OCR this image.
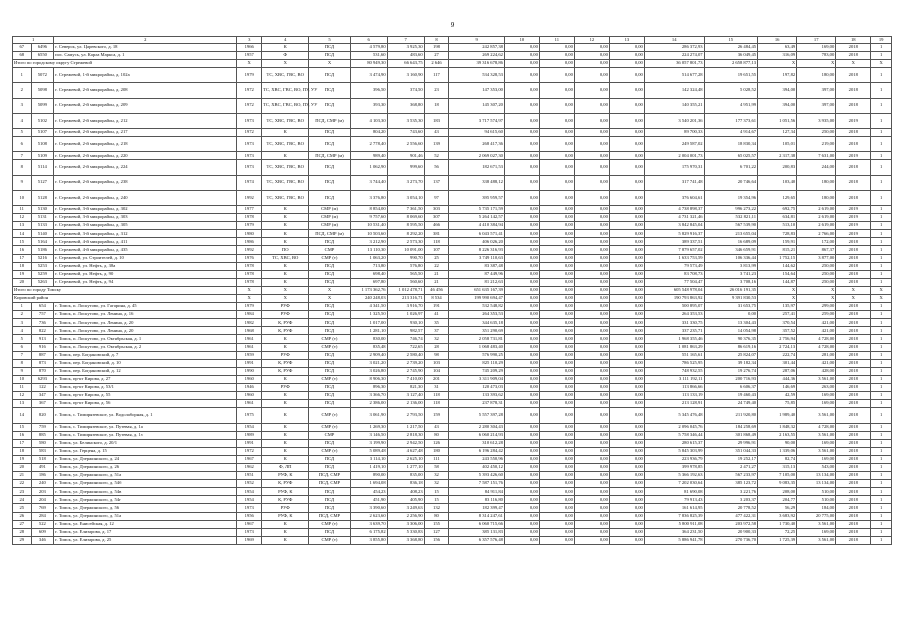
9
1		2	3	4	5	6	7	8	9	10	11	12	13	14	15	16	17	18	19
67	6496	г. Северск, ул. Царевского, д. 18	1966	К	ПСД	4 579,80	3 925,30	198	242 857,38	0,00	0,00	0,00	0,00	286 372,93	26 484,45	63,49	169,00	2018	1
68	6550	пос. Самусь, ул. Карла Маркса, д. 1	1957	Ф	ПСД	531,60	483,60	27	269 224,62	0,00	0,00	0,00	0,00	224 274,07	36 049,45	316,09	783,00	2018	1
Итого по городскому округу Стрежевой			X	X	X	80 949,30	66 643,75	2 646	39 316 678,86	0,00	0,00	0,00	0,00	36 057 801,73	2 658 877,13	X	X	X	X
1	5072	г. Стрежевой, 1-й микрорайон, д. 102а	1979	ТС, ХВС, ГВС, ВО	ПСД	3 474,90	3 160,90	117	534 328,53	0,00	0,00	0,00	0,00	514 677,28	19 651,55	197,82	180,00	2018	1
2	5098	г. Стрежевой, 2-й микрорайон, д. 208	1972	ТС, ХВС, ГВС, ВО, ПУ, УУ	ПСД	396,50	374,50	23	147 353,00	0,00	0,00	0,00	0,00	142 324,48	5 028,52	394,00	397,00	2018	1
3	5099	г. Стрежевой, 2-й микрорайон, д. 209	1972	ТС, ХВС, ГВС, ВО, ПУ, УУ	ПСД	393,30	368,80	18	145 307,20	0,00	0,00	0,00	0,00	140 355,21	4 951,99	394,00	397,00	2018	1
4	5102	г. Стрежевой, 2-й микрорайон, д. 212	1973	ТС, ХВС, ГВС, ВО	ПСД, СМР (м)	4 103,30	3 535,30	183	3 717 574,97	0,00	0,00	0,00	0,00	3 540 201,36	177 373,61	1 051,56	3 935,00	2019	1
5	5107	г. Стрежевой, 2-й микрорайон, д. 217	1972	К	ПСД	804,20	743,60	43	94 615,60	0,00	0,00	0,00	0,00	89 700,33	4 914,67	127,34	250,00	2018	1
6	5108	г. Стрежевой, 2-й микрорайон, д. 218	1973	ТС, ХВС, ГВС, ВО	ПСД	2 778,40	2 556,60	139	268 417,36	0,00	0,00	0,00	0,00	249 587,02	18 830,34	105,01	219,00	2018	1
7	5109	г. Стрежевой, 2-й микрорайон, д. 220	1973	К	ПСД, СМР (м)	989,40	901,46	52	2 069 027,30	0,00	0,00	0,00	0,00	2 004 001,73	65 025,57	2 317,38	7 631,00	2019	1
8	5114	г. Стрежевой, 2-й микрорайон, д. 224	1973	ТС, ХВС, ГВС, ВО	ПСД	1 062,90	999,60	56	182 671,53	0,00	0,00	0,00	0,00	175 970,31	6 701,22	200,83	244,00	2018	1
9	5127	г. Стрежевой, 2-й микрорайон, д. 238	1974	ТС, ХВС, ГВС, ВО	ПСД	3 744,40	3 273,70	137	338 488,12	0,00	0,00	0,00	0,00	317 741,48	20 746,64	103,40	180,00	2018	1
10	5128	г. Стрежевой, 2-й микрорайон, д. 240	1992	ТС, ХВС, ГВС, ВО	ПСД	3 376,80	3 054,10	97	395 959,57	0,00	0,00	0,00	0,00	376 604,61	19 354,96	129,65	180,00	2018	1
11	5130	г. Стрежевой, 3-й микрорайон, д. 302	1977	К	СМР (м)	8 854,00	7 361,50	303	5 735 171,59	0,00	0,00	0,00	0,00	4 738 898,37	996 273,22	692,75	2 619,00	2019	1
12	5131	г. Стрежевой, 3-й микрорайон, д. 303	1978	К	СМР (м)	9 757,60	8 069,60	307	5 264 142,57	0,00	0,00	0,00	0,00	4 731 321,46	532 821,11	634,81	2 619,00	2019	1
13	5133	г. Стрежевой, 3-й микрорайон, д. 305	1979	К	СМР (м)	10 531,40	8 595,50	466	4 410 384,94	0,00	0,00	0,00	0,00	3 842 845,04	567 539,90	513,10	2 619,00	2019	1
14	5140	г. Стрежевой, 3-й микрорайон, д. 312	1980	К	ПСД, СМР (м)	10 503,60	8 292,20	381	6 043 571,41	0,00	0,00	0,00	0,00	5 829 916,37	213 655,04	728,83	2 766,00	2019	1
15	5164	г. Стрежевой, 4-й микрорайон, д. 411	1986	К	ПСД	3 212,90	2 573,30	118	406 026,20	0,00	0,00	0,00	0,00	389 337,51	16 689,09	159,91	172,00	2018	1
16	5186	г. Стрежевой, 4-й микрорайон, д. 435	1992	ПО	СМР	13 110,30	10 091,00	107	8 226 316,93	0,00	0,00	0,00	0,00	7 879 657,02	346 659,91	815,21	867,37	2018	1
17	5216	г. Стрежевой, ул. Строителей, д. 10	1976	ТС, ХВС, ВО	СМР (т)	1 063,20	990,70	25	3 749 110,63	0,00	0,00	0,00	0,00	1 633 753,59	106 336,44	1 752,15	3 877,00	2018	1
18	5253	г. Стрежевой, ул. Нефть, д. 38а	1978	К	ПСД	713,80	576,80	22	83 387,48	0,00	0,00	0,00	0,00	79 573,49	3 813,99	144,62	250,00	2018	1
19	5259	г. Стрежевой, ул. Нефть, д. 90	1978	К	ПСД	698,40	565,50	21	87 449,96	0,00	0,00	0,00	0,00	83 708,73	3 741,23	154,64	250,00	2018	1
20	5263	г. Стрежевой, ул. Нефть, д. 94	1978	К	ПСД	697,80	560,60	21	81 212,63	0,00	0,00	0,00	0,00	77 504,47	3 708,16	144,87	250,00	2018	1
Итого по городу Томску			X	X	X	1 173 362,76	1 012 478,71	46 456	651 635 167,39	0,00	0,00	0,00	0,00	605 548 978,04	26 016 191,35	X	X	X	X
Кировский район			X	X	X	240 248,03	213 316,71	8 534	199 990 694,47	0,00	0,00	0,00	0,00	190 793 863,92	9 391 830,53	X	X	X	X
1	654	г. Томск, п. Лоскутово, ул. Гагарина, д. 45	1979	РУФ	ПСД	4 341,50	3 916,70	191	532 548,82	0,00	0,00	0,00	0,00	500 895,07	31 653,75	135,97	299,00	2018	1
2	757	г. Томск, п. Лоскутово, ул. Ленина, д. 16	1984	РУФ	ПСД	1 325,50	1 026,97	41	264 353,53	0,00	0,00	0,00	0,00	264 353,53	0,00	257,41	259,00	2018	1
3	736	г. Томск, п. Лоскутово, ул. Ленина, д. 20	1982	К, РУФ	ПСД	1 017,00	930,10	35	344 635,18	0,00	0,00	0,00	0,00	331 330,75	13 304,43	370,54	421,00	2018	1
4	822	г. Томск, п. Лоскутово, ул. Ленина, д. 20	1968	К, РУФ	ПСД	1 281,10	982,57	37	351 290,69	0,00	0,00	0,00	0,00	337 235,71	14 054,98	357,52	421,00	2018	1
5	913	г. Томск, п. Лоскутово, ул. Октябрьская, д. 1	1961	К	СМР (т)	830,00	746,74	32	2 058 731,81	0,00	0,00	0,00	0,00	1 968 355,46	90 376,35	2 756,94	4 728,00	2018	1
6	916	г. Томск, п. Лоскутово, ул. Октябрьская, д. 2	1961	К	СМР (т)	835,48	722,65	28	1 068 483,40	0,00	0,00	0,00	0,00	1 081 863,29	86 619,16	2 724,13	4 728,00	2018	1
7	887	г. Томск, пер. Богдановский, д. 7	1959	РУФ	ПСД	2 909,40	2 580,40	98	576 990,25	0,00	0,00	0,00	0,00	551 165,61	25 824,07	222,74	281,00	2018	1
8	873	г. Томск, пер. Богдановский, д. 10	1991	К, РУФ	ПСД	3 021,20	2 739,20	103	825 110,29	0,00	0,00	0,00	0,00	786 525,95	39 182,34	301,44	421,00	2018	1
9	870	г. Томск, пер. Богдановский, д. 12	1990	К, РУФ	ПСД	3 026,80	2 745,90	104	745 209,29	0,00	0,00	0,00	0,00	748 932,55	19 276,74	287,06	428,00	2018	1
10	6293	г. Томск, пр-кт Кирова, д. 27	1960	К	СМР (т)	8 906,30	7 410,00	201	3 311 909,04	0,00	0,00	0,00	0,00	3 111 192,11	200 716,93	444,36	3 561,00	2018	1
11	122	г. Томск, пр-кт Кирова, д. 53/1	1946	РУФ	ПСД	896,30	821,30	31	120 473,03	0,00	0,00	0,00	0,00	113 866,66	6 606,37	146,69	263,00	2018	1
12	347	г. Томск, пр-кт Кирова, д. 55	1960	К	ПСД	3 366,70	3 127,40	118	133 393,62	0,00	0,00	0,00	0,00	113 133,19	19 460,43	42,59	169,00	2018	1
13	367	г. Томск, пр-кт Кирова, д. 56	1961	К	ПСД	2 386,00	2 136,00	118	237 878,31	0,00	0,00	0,00	0,00	213 128,91	24 749,40	75,85	169,00	2018	1
14	820	г. Томск, с. Тимирязевское, ул. Водолаборная, д. 1	1975	К	СМР (т)	3 061,90	2 793,50	159	5 557 397,28	0,00	0,00	0,00	0,00	5 345 476,48	211 920,80	1 989,40	3 561,00	2018	1
15	759	г. Томск, с. Тимирязевское, ул. Путевая, д. 1а	1954	К	СМР (т)	1 269,30	1 217,50	43	2 280 304,43	0,00	0,00	0,00	0,00	2 096 045,76	184 258,69	1 848,32	4 728,00	2018	1
16	885	г. Томск, с. Тимирязевское, ул. Путевая, д. 1з	1989	К	СМР	3 146,50	2 818,30	80	6 060 214,93	0,00	0,00	0,00	0,00	5 758 346,44	301 868,49	2 163,55	3 561,00	2018	1
17	580	г. Томск, ул. Белинского, д. 20/1	1991	К	ПСД	3 199,90	2 942,50	126	310 612,28	0,00	0,00	0,00	0,00	280 615,37	29 996,91	90,00	169,00	2018	1
18	583	г. Томск, ул. Герцена, д. 15	1972	К	СМР (т)	5 089,48	4 627,48	180	6 196 284,42	0,00	0,00	0,00	0,00	5 845 303,99	351 044,33	1 339,06	3 561,00	2018	1
19	518	г. Томск, ул. Дзержинского, д. 24	1967	К	ПСД	3 114,10	2 625,10	111	243 550,96	0,00	0,00	0,00	0,00	223 936,79	19 252,17	82,74	169,00	2018	1
20	491	г. Томск, ул. Дзержинского, д. 26	1962	Ф, ЛП	ПСД	1 419,10	1 277,10	58	402 450,12	0,00	0,00	0,00	0,00	399 978,85	2 471,27	315,13	543,00	2018	1
21	186	г. Томск, ул. Дзержинского, д. 51а	1951	РУФ, К	ПСД, СМР	890,00	835,00	32	5 393 426,60	0,00	0,00	0,00	0,00	5 366 192,63	567 233,97	7 105,00	13 134,00	2018	1
22	240	г. Томск, ул. Дзержинского, д. 54б	1952	К, РУФ	ПСД, СМР	1 694,08	836,18	32	7 587 151,76	0,00	0,00	0,00	0,00	7 202 030,64	385 123,72	9 083,35	13 134,00	2018	1
23	203	г. Томск, ул. Дзержинского, д. 54в	1954	РУФ, К	ПСД	454,23	408,23	15	84 911,84	0,00	0,00	0,00	0,00	81 690,08	3 221,76	208,00	510,00	2018	1
24	204	г. Томск, ул. Дзержинского, д. 54г	1954	К, РУФ	ПСД	451,90	405,90	15	83 116,80	0,00	0,00	0,00	0,00	79 913,43	3 203,37	204,77	510,00	2018	1
25	769	г. Томск, ул. Дзержинского, д. 56	1973	РУФ	ПСД	3 390,60	3 249,63	132	182 399,47	0,00	0,00	0,00	0,00	161 614,95	20 778,52	56,29	184,00	2018	1
26	284	г. Томск, ул. Дзержинского, д. 51а	1956	РУФ, К	ПСД, СМР	2 623,60	2 256,90	80	8 314 247,61	0,00	0,00	0,00	0,00	7 836 825,39	477 422,31	3 683,92	20 775,00	2018	1
27	522	г. Томск, ул. Енисейская, д. 12	1967	К	СМР (т)	3 639,70	3 306,00	155	6 060 715,66	0,00	0,00	0,00	0,00	5 800 911,08	203 972,58	1 730,40	3 561,00	2018	1
28	609	г. Томск, ул. Елизарова, д. 17	1973	К	ПСД	6 175,82	5 330,83	127	385 131,83	0,00	0,00	0,00	0,00	364 231,50	20 900,33	72,25	169,00	2018	1
29	346	г. Томск, ул. Елизарова, д. 25	1969	К	СМР (т)	3 855,80	3 368,80	156	6 357 576,48	0,00	0,00	0,00	0,00	5 886 941,78	270 736,70	1 725,39	3 561,00	2018	1
